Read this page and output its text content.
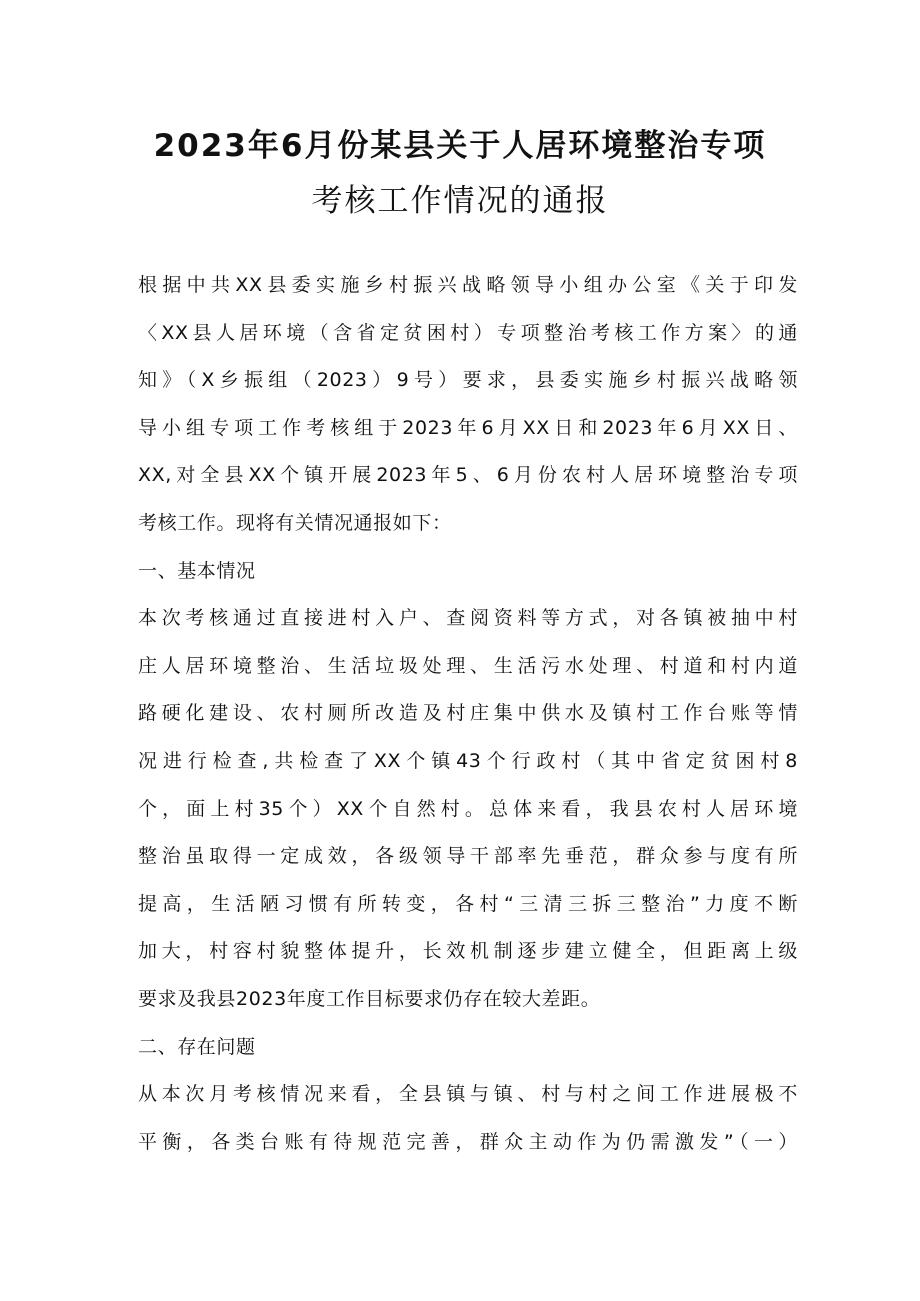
2023年6月份某县关于人居环境整治专项
考核工作情况的通报
根据中共XX县委实施乡村振兴战略领导小组办公室《关于印发
〈XX县人居环境（含省定贫困村）专项整治考核工作方案〉的通
知》（X乡振组（2023）9号）要求，县委实施乡村振兴战略领
导小组专项工作考核组于2023年6月XX日和2023年6月XX日、
XX,对全县XX个镇开展2023年5、6月份农村人居环境整治专项
考核工作。现将有关情况通报如下：
一、基本情况
本次考核通过直接进村入户、查阅资料等方式，对各镇被抽中村
庄人居环境整治、生活垃圾处理、生活污水处理、村道和村内道
路硬化建设、农村厕所改造及村庄集中供水及镇村工作台账等情
况进行检查,共检查了XX个镇43个行政村（其中省定贫困村8
个，面上村35个）XX个自然村。总体来看，我县农村人居环境
整治虽取得一定成效，各级领导干部率先垂范，群众参与度有所
提高，生活陋习惯有所转变，各村“三清三拆三整治”力度不断
加大，村容村貌整体提升，长效机制逐步建立健全，但距离上级
要求及我县2023年度工作目标要求仍存在较大差距。
二、存在问题
从本次月考核情况来看，全县镇与镇、村与村之间工作进展极不
平衡，各类台账有待规范完善，群众主动作为仍需激发”（一）
